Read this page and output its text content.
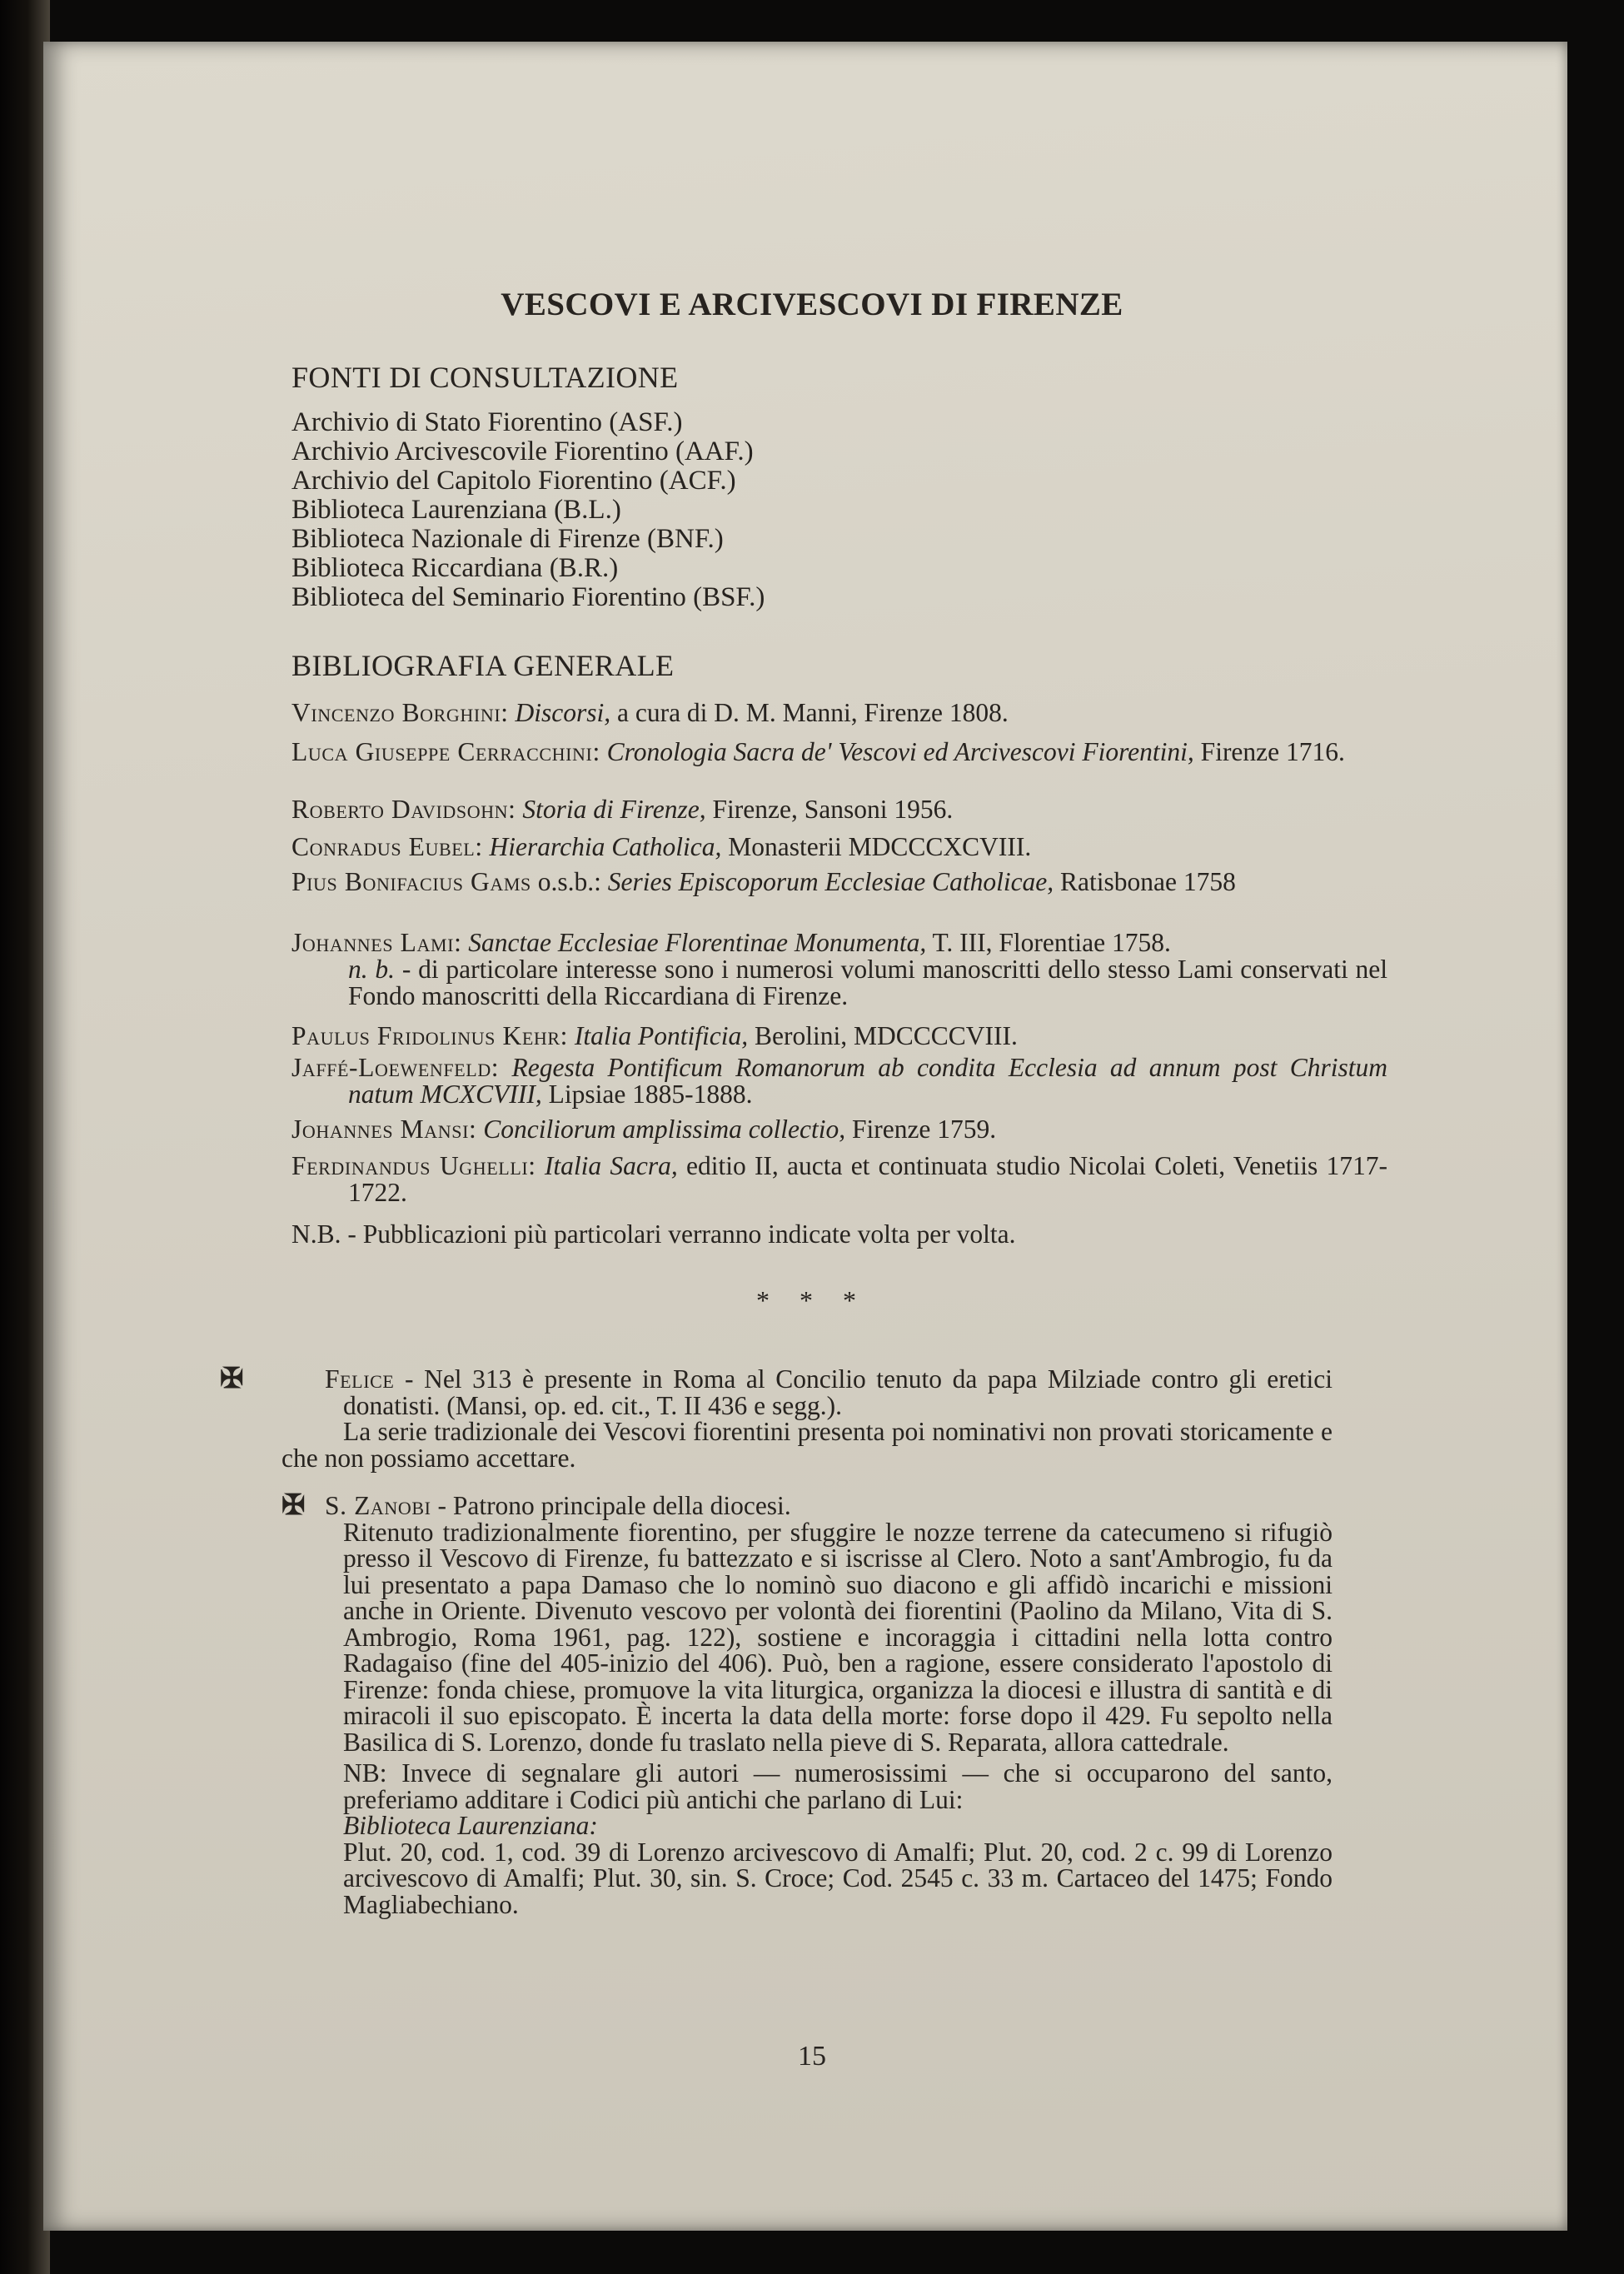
VESCOVI E ARCIVESCOVI DI FIRENZE
FONTI DI CONSULTAZIONE
Archivio di Stato Fiorentino (ASF.)
Archivio Arcivescovile Fiorentino (AAF.)
Archivio del Capitolo Fiorentino (ACF.)
Biblioteca Laurenziana (B.L.)
Biblioteca Nazionale di Firenze (BNF.)
Biblioteca Riccardiana (B.R.)
Biblioteca del Seminario Fiorentino (BSF.)
BIBLIOGRAFIA GENERALE

Vincenzo Borghini: Discorsi, a cura di D. M. Manni, Firenze 1808.

Luca Giuseppe Cerracchini: Cronologia Sacra de' Vescovi ed Arcivescovi Fiorentini, Firenze 1716.

Roberto Davidsohn: Storia di Firenze, Firenze, Sansoni 1956.

Conradus Eubel: Hierarchia Catholica, Monasterii MDCCCXCVIII.

Pius Bonifacius Gams o.s.b.: Series Episcoporum Ecclesiae Catholicae, Ratisbonae 1758

Johannes Lami: Sanctae Ecclesiae Florentinae Monumenta, T. III, Florentiae 1758.
n. b. - di particolare interesse sono i numerosi volumi manoscritti dello stesso Lami conservati nel Fondo manoscritti della Riccardiana di Firenze.

Paulus Fridolinus Kehr: Italia Pontificia, Berolini, MDCCCCVIII.

Jaffé-Loewenfeld: Regesta Pontificum Romanorum ab condita Ecclesia ad annum post Christum natum MCXCVIII, Lipsiae 1885-1888.

Johannes Mansi: Conciliorum amplissima collectio, Firenze 1759.

Ferdinandus Ughelli: Italia Sacra, editio II, aucta et continuata studio Nicolai Coleti, Venetiis 1717-1722.

N.B. - Pubblicazioni più particolari verranno indicate volta per volta.

* * *
✠	Felice - Nel 313 è presente in Roma al Concilio tenuto da papa Milziade contro gli eretici donatisti. (Mansi, op. ed. cit., T. II 436 e segg.).
La serie tradizionale dei Vescovi fiorentini presenta poi nominativi non provati storicamente e che non possiamo accettare.
✠ S. Zanobi - Patrono principale della diocesi.
Ritenuto tradizionalmente fiorentino, per sfuggire le nozze terrene da catecumeno si rifugiò presso il Vescovo di Firenze, fu battezzato e si iscrisse al Clero. Noto a sant'Ambrogio, fu da lui presentato a papa Damaso che lo nominò suo diacono e gli affidò incarichi e missioni anche in Oriente. Divenuto vescovo per volontà dei fiorentini (Paolino da Milano, Vita di S. Ambrogio, Roma 1961, pag. 122), sostiene e incoraggia i cittadini nella lotta contro Radagaiso (fine del 405-inizio del 406). Può, ben a ragione, essere considerato l'apostolo di Firenze: fonda chiese, promuove la vita liturgica, organizza la diocesi e illustra di santità e di miracoli il suo episcopato. È incerta la data della morte: forse dopo il 429. Fu sepolto nella Basilica di S. Lorenzo, donde fu traslato nella pieve di S. Reparata, allora cattedrale.
NB: Invece di segnalare gli autori — numerosissimi — che si occuparono del santo, preferiamo additare i Codici più antichi che parlano di Lui:
Biblioteca Laurenziana:
Plut. 20, cod. 1, cod. 39 di Lorenzo arcivescovo di Amalfi; Plut. 20, cod. 2 c. 99 di Lorenzo arcivescovo di Amalfi; Plut. 30, sin. S. Croce; Cod. 2545 c. 33 m. Cartaceo del 1475; Fondo Magliabechiano.
15
